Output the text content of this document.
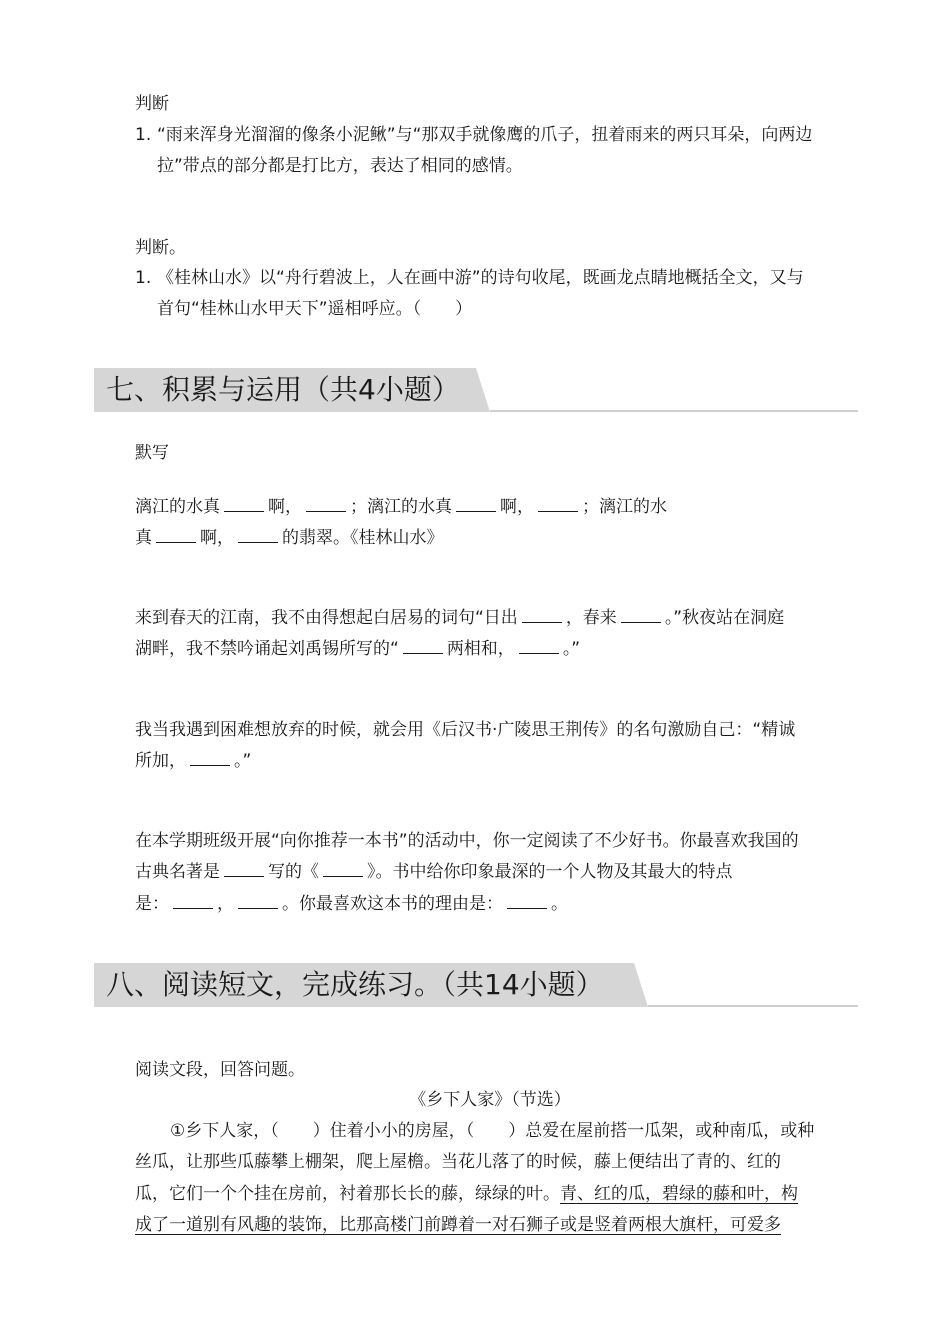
判断
1. “雨来浑身光溜溜的像条小泥鳅”与“那双手就像鹰的爪子，扭着雨来的两只耳朵，向两边
拉”带点的部分都是打比方，表达了相同的感情。
判断。
1. 《桂林山水》以“舟行碧波上，人在画中游”的诗句收尾，既画龙点睛地概括全文，又与
首句“桂林山水甲天下”遥相呼应。（　　）
七、积累与运用（共4小题）
默写
漓江的水真	啊，	；漓江的水真	啊，	；漓江的水
真	啊，	的翡翠。《桂林山水》
来到春天的江南，我不由得想起白居易的词句“日出	，春来	。”秋夜站在洞庭
湖畔，我不禁吟诵起刘禹锡所写的“	两相和，	。”
我当我遇到困难想放弃的时候，就会用《后汉书·广陵思王荆传》的名句激励自己：“精诚
所加，	。”
在本学期班级开展“向你推荐一本书”的活动中，你一定阅读了不少好书。你最喜欢我国的
古典名著是	写的《	》。书中给你印象最深的一个人物及其最大的特点
是：	，	。你最喜欢这本书的理由是：	。
八、阅读短文，完成练习。（共14小题）
阅读文段，回答问题。
《乡下人家》（节选）
①乡下人家，（　　）住着小小的房屋，（　　）总爱在屋前搭一瓜架，或种南瓜，或种
丝瓜，让那些瓜藤攀上棚架，爬上屋檐。当花儿落了的时候，藤上便结出了青的、红的
瓜，它们一个个挂在房前，衬着那长长的藤，绿绿的叶。青、红的瓜，碧绿的藤和叶，构
成了一道别有风趣的装饰，比那高楼门前蹲着一对石狮子或是竖着两根大旗杆，可爱多
